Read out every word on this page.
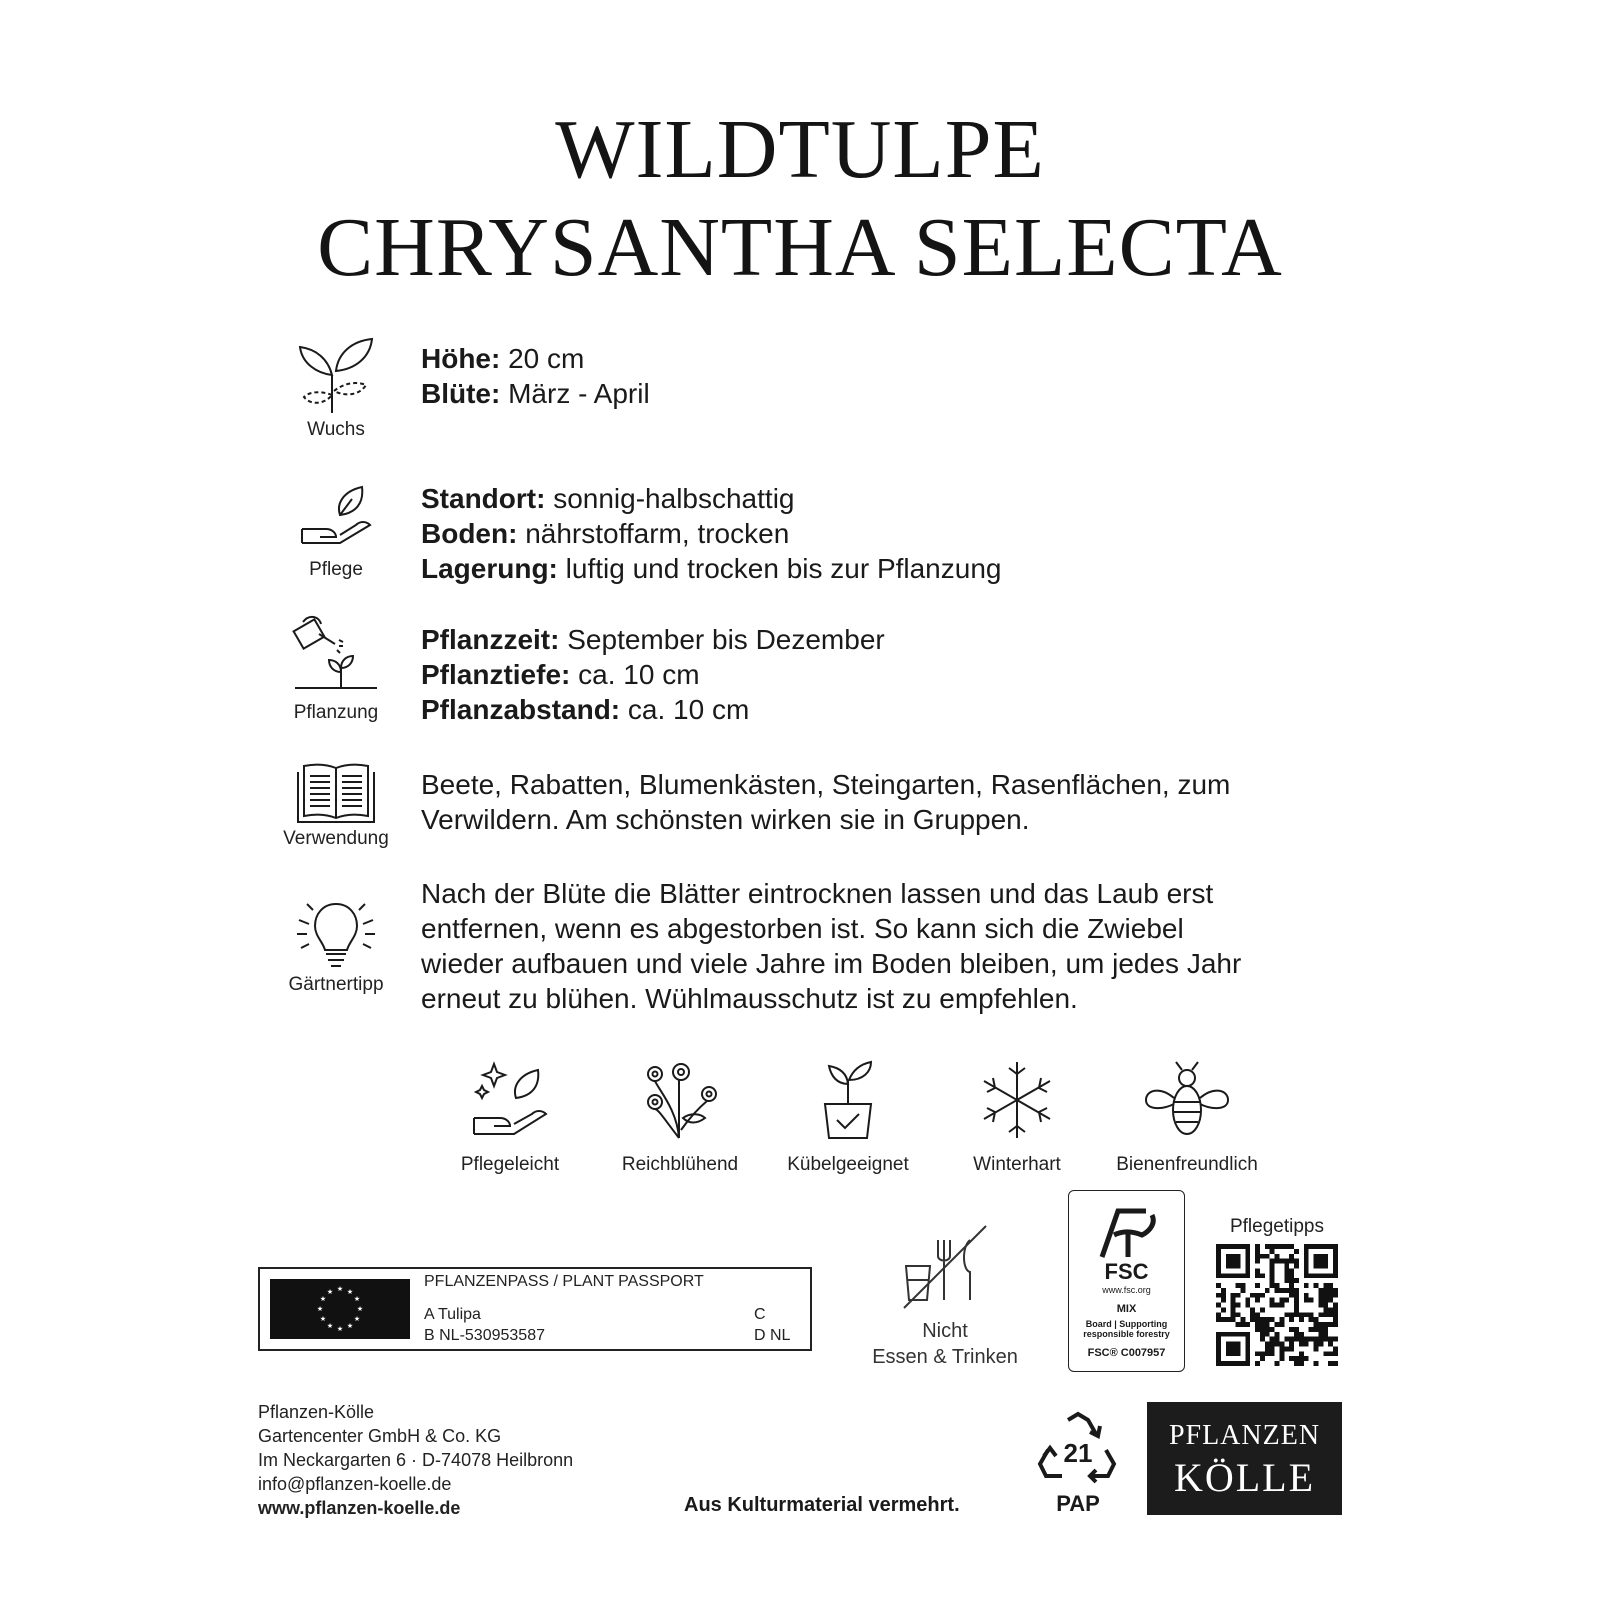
WILDTULPE
CHRYSANTHA SELECTA
Wuchs
Höhe: 20 cm
Blüte: März - April
Pflege
Standort: sonnig-halbschattig
Boden: nährstoffarm, trocken
Lagerung: luftig und trocken bis zur Pflanzung
Pflanzung
Pflanzzeit: September bis Dezember
Pflanztiefe: ca. 10 cm
Pflanzabstand: ca. 10 cm
Verwendung
Beete, Rabatten, Blumenkästen, Steingarten, Rasenflächen, zum
Verwildern. Am schönsten wirken sie in Gruppen.
Gärtnertipp
Nach der Blüte die Blätter eintrocknen lassen und das Laub erst
entfernen, wenn es abgestorben ist. So kann sich die Zwiebel
wieder aufbauen und viele Jahre im Boden bleiben, um jedes Jahr
erneut zu blühen. Wühlmausschutz ist zu empfehlen.
Pflegeleicht	Reichblühend	Kübelgeeignet	Winterhart	Bienenfreundlich
★ ★
★
★
★
★
★
★
★
★
★
★
PFLANZENPASS / PLANT PASSPORT
A Tulipa
B NL-530953587
C
D NL	Nicht
Essen & Trinken
FSC
www.fsc.org
MIX
Board | Supporting
responsible forestry
FSC® C007957
Pflegetipps
Pflanzen-Kölle
Gartencenter GmbH & Co. KG
Im Neckargarten 6 · D-74078 Heilbronn
info@pflanzen-koelle.de
www.pflanzen-koelle.de	Aus Kulturmaterial vermehrt.
21
PAP
PFLANZEN
KÖLLE
